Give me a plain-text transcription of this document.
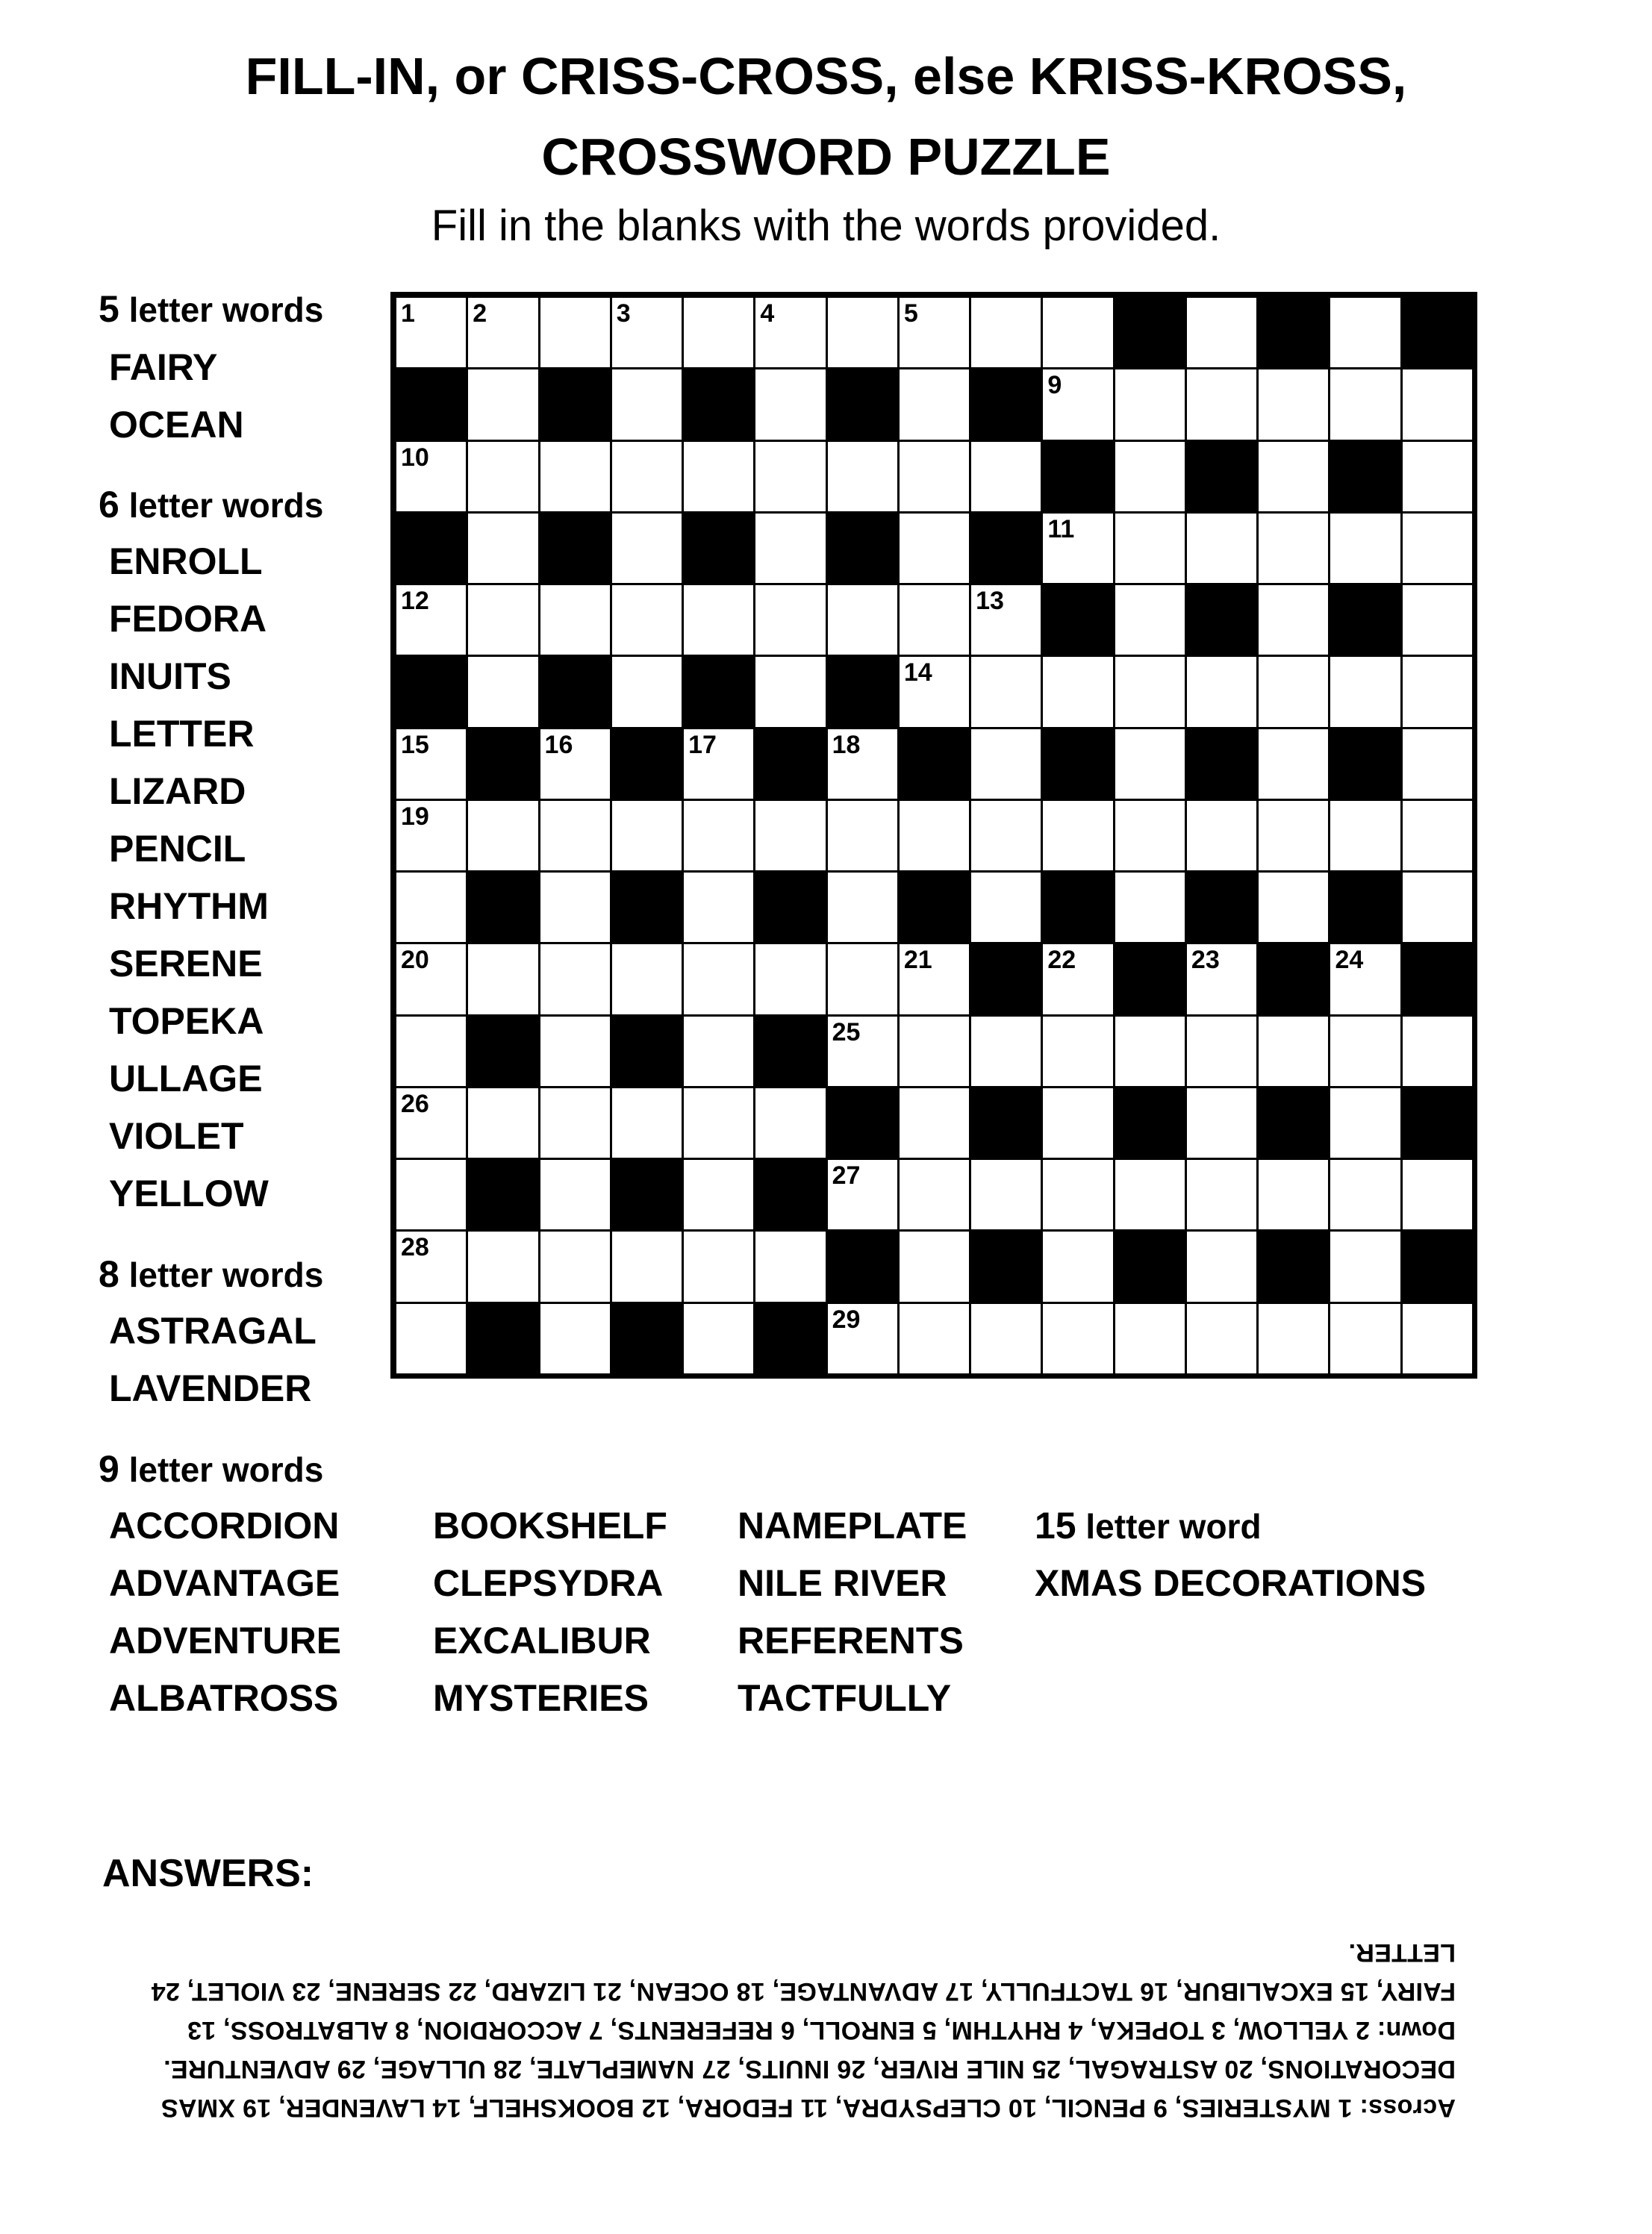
FILL-IN, or CRISS-CROSS, else KRISS-KROSS,
CROSSWORD PUZZLE
Fill in the blanks with the words provided.
5 letter words
FAIRY
OCEAN
6 letter words
ENROLL
FEDORA
INUITS
LETTER
LIZARD
PENCIL
RHYTHM
SERENE
TOPEKA
ULLAGE
VIOLET
YELLOW
8 letter words
ASTRAGAL
LAVENDER
9 letter words
ACCORDION
ADVANTAGE
ADVENTURE
ALBATROSS
BOOKSHELF
CLEPSYDRA
EXCALIBUR
MYSTERIES
NAMEPLATE
NILE RIVER
REFERENTS
TACTFULLY
15 letter word
XMAS DECORATIONS
1 2	3	4	5
9
10
11
12	13
14
15	16	17	18
19
20	21	22	23	24
25
26
27
28
29
ANSWERS:

Across: 1 MYSTERIES, 9 PENCIL, 10 CLEPSYDRA, 11 FEDORA, 12 BOOKSHELF, 14 LAVENDER, 19 XMAS DECORATIONS, 20 ASTRAGAL, 25 NILE RIVER, 26 INUITS, 27 NAMEPLATE, 28 ULLAGE, 29 ADVENTURE.

Down: 2 YELLOW, 3 TOPEKA, 4 RHYTHM, 5 ENROLL, 6 REFERENTS, 7 ACCORDION, 8 ALBATROSS, 13 FAIRY, 15 EXCALIBUR, 16 TACTFULLY, 17 ADVANTAGE, 18 OCEAN, 21 LIZARD, 22 SERENE, 23 VIOLET, 24 LETTER.
